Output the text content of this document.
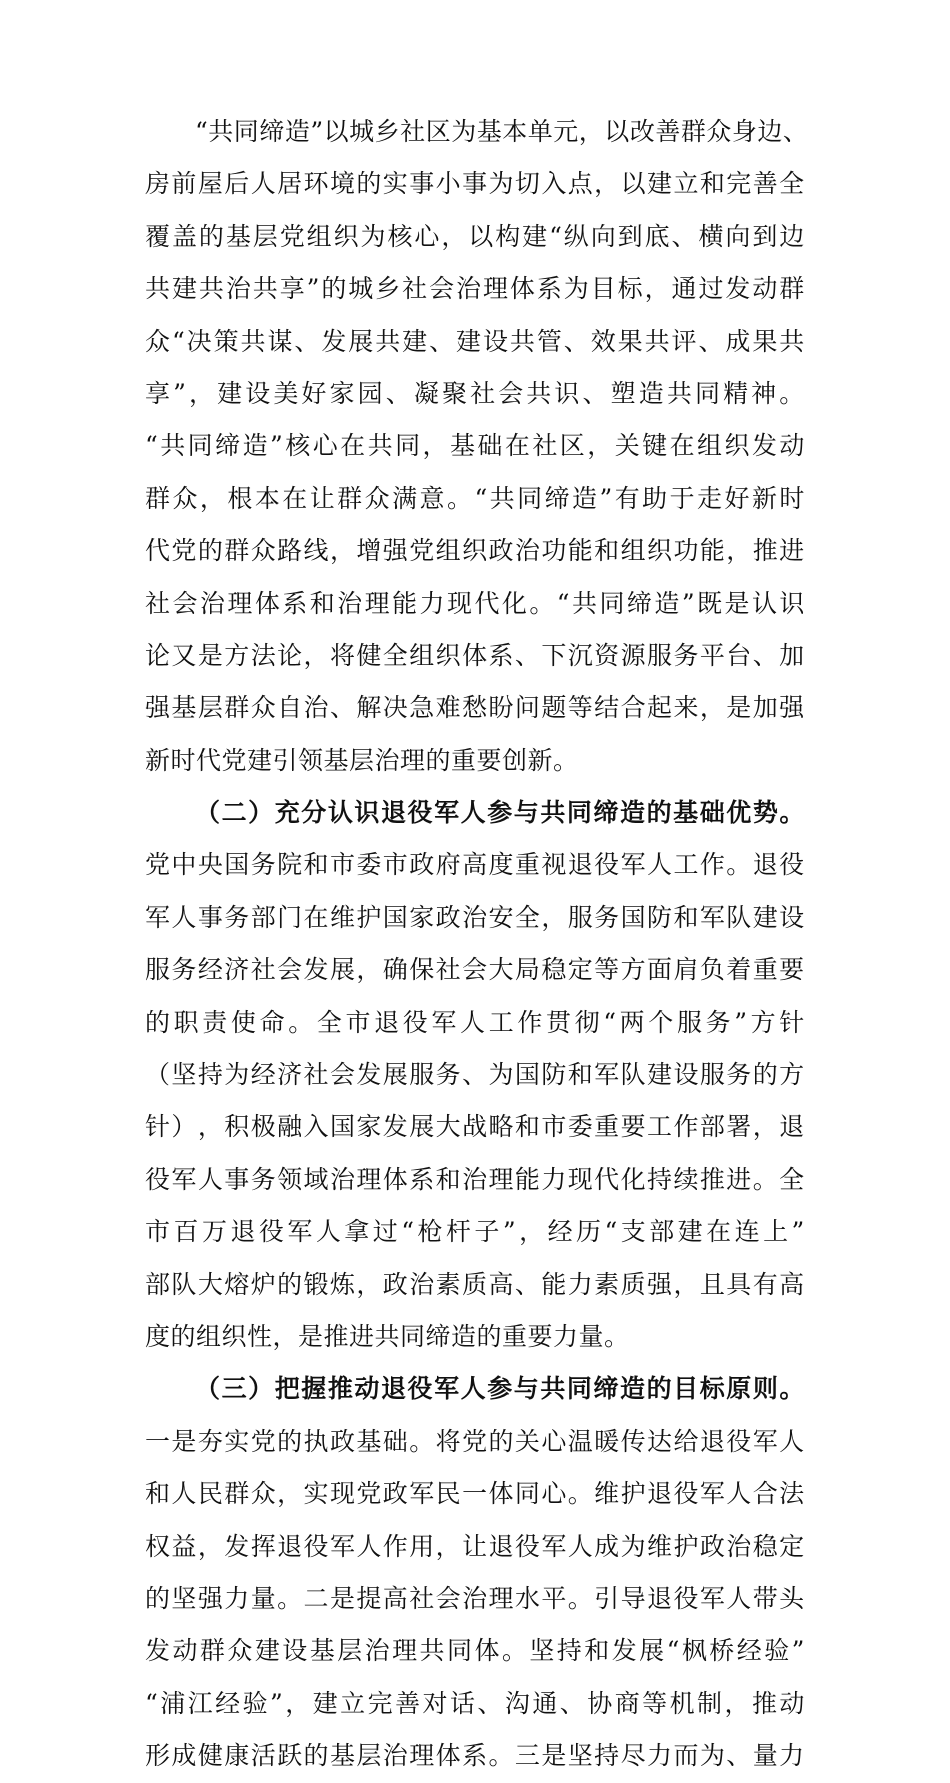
“ 共 同 缔 造 ” 以 城 乡 社 区 为 基 本 单 元 ， 以 改 善 群 众 身 边 、
房 前 屋 后 人 居 环 境 的 实 事 小 事 为 切 入 点 ， 以 建 立 和 完 善 全
覆 盖 的 基 层 党 组 织 为 核 心 ， 以 构 建 “ 纵 向 到 底 、 横 向 到 边
共 建 共 治 共 享 ” 的 城 乡 社 会 治 理 体 系 为 目 标 ， 通 过 发 动 群
众 “ 决 策 共 谋 、 发 展 共 建 、 建 设 共 管 、 效 果 共 评 、 成 果 共
享 ” ， 建 设 美 好 家 园 、 凝 聚 社 会 共 识 、 塑 造 共 同 精 神 。
“ 共 同 缔 造 ” 核 心 在 共 同 ， 基 础 在 社 区 ， 关 键 在 组 织 发 动
群 众 ， 根 本 在 让 群 众 满 意 。 “ 共 同 缔 造 ” 有 助 于 走 好 新 时
代 党 的 群 众 路 线 ， 增 强 党 组 织 政 治 功 能 和 组 织 功 能 ， 推 进
社 会 治 理 体 系 和 治 理 能 力 现 代 化 。 “ 共 同 缔 造 ” 既 是 认 识
论 又 是 方 法 论 ， 将 健 全 组 织 体 系 、 下 沉 资 源 服 务 平 台 、 加
强 基 层 群 众 自 治 、 解 决 急 难 愁 盼 问 题 等 结 合 起 来 ， 是 加 强
新时代党建引领基层治理的重要创新。
（ 二 ） 充 分 认 识 退 役 军 人 参 与 共 同 缔 造 的 基 础 优 势 。
党 中 央 国 务 院 和 市 委 市 政 府 高 度 重 视 退 役 军 人 工 作 。 退 役
军 人 事 务 部 门 在 维 护 国 家 政 治 安 全 ， 服 务 国 防 和 军 队 建 设
服 务 经 济 社 会 发 展 ， 确 保 社 会 大 局 稳 定 等 方 面 肩 负 着 重 要
的 职 责 使 命 。 全 市 退 役 军 人 工 作 贯 彻 “ 两 个 服 务 ” 方 针
（ 坚 持 为 经 济 社 会 发 展 服 务 、 为 国 防 和 军 队 建 设 服 务 的 方
针 ） ， 积 极 融 入 国 家 发 展 大 战 略 和 市 委 重 要 工 作 部 署 ， 退
役 军 人 事 务 领 域 治 理 体 系 和 治 理 能 力 现 代 化 持 续 推 进 。 全
市 百 万 退 役 军 人 拿 过 “ 枪 杆 子 ” ， 经 历 “ 支 部 建 在 连 上 ”
部 队 大 熔 炉 的 锻 炼 ， 政 治 素 质 高 、 能 力 素 质 强 ， 且 具 有 高
度的组织性，是推进共同缔造的重要力量。
（ 三 ） 把 握 推 动 退 役 军 人 参 与 共 同 缔 造 的 目 标 原 则 。
一 是 夯 实 党 的 执 政 基 础 。 将 党 的 关 心 温 暖 传 达 给 退 役 军 人
和 人 民 群 众 ， 实 现 党 政 军 民 一 体 同 心 。 维 护 退 役 军 人 合 法
权 益 ， 发 挥 退 役 军 人 作 用 ， 让 退 役 军 人 成 为 维 护 政 治 稳 定
的 坚 强 力 量 。 二 是 提 高 社 会 治 理 水 平 。 引 导 退 役 军 人 带 头
发 动 群 众 建 设 基 层 治 理 共 同 体 。 坚 持 和 发 展 “ 枫 桥 经 验 ”
“ 浦 江 经 验 ” ， 建 立 完 善 对 话 、 沟 通 、 协 商 等 机 制 ， 推 动
形 成 健 康 活 跃 的 基 层 治 理 体 系 。 三 是 坚 持 尽 力 而 为 、 量 力
